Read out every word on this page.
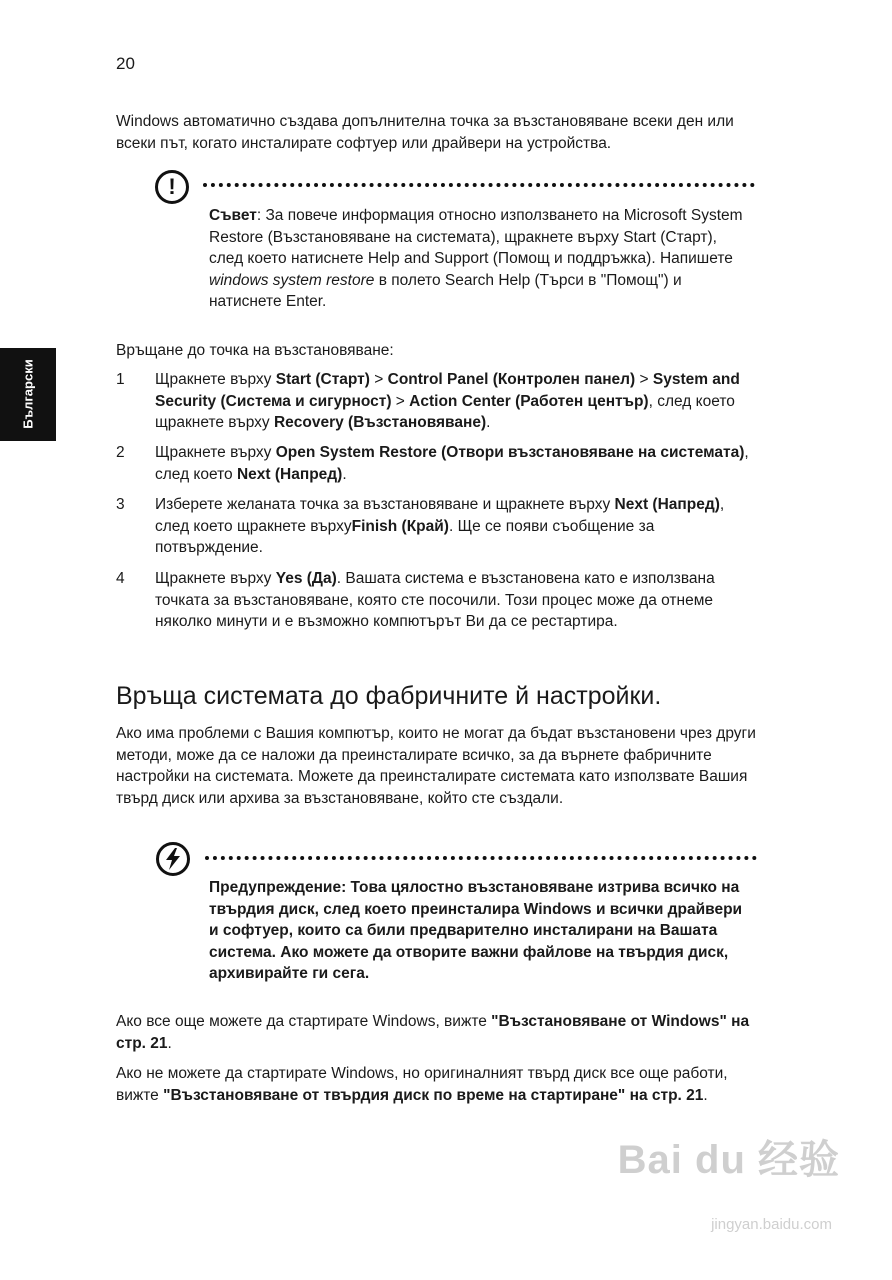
20
Български
Windows автоматично създава допълнителна точка за възстановяване всеки ден или всеки път, когато инсталирате софтуер или драйвери на устройства.
!
Съвет: За повече информация относно използването на Microsoft System Restore (Възстановяване на системата), щракнете върху Start (Старт), след което натиснете Help and Support (Помощ и поддръжка). Напишете windows system restore в полето Search Help (Търси в "Помощ") и натиснете Enter.
Връщане до точка на възстановяване:
1	Щракнете върху Start (Старт) > Control Panel (Контролен панел) > System and Security (Система и сигурност) > Action Center (Работен център), след което щракнете върху Recovery (Възстановяване).
2	Щракнете върху Open System Restore (Отвори възстановяване на системата), след което Next (Напред).
3	Изберете желаната точка за възстановяване и щракнете върху Next (Напред), след което щракнете върхуFinish (Край). Ще се появи съобщение за потвърждение.
4	Щракнете върху Yes (Да). Вашата система е възстановена като е използвана точката за възстановяване, която сте посочили. Този процес може да отнеме няколко минути и е възможно компютърът Ви да се рестартира.
Връща системата до фабричните й настройки.
Ако има проблеми с Вашия компютър, които не могат да бъдат възстановени чрез други методи, може да се наложи да преинсталирате всичко, за да върнете фабричните настройки на системата. Можете да преинсталирате системата като използвате Вашия твърд диск или архива за възстановяване, който сте създали.
Предупреждение: Това цялостно възстановяване изтрива всичко на твърдия диск, след което преинсталира Windows и всички драйвери и софтуер, които са били предварително инсталирани на Вашата система. Ако можете да отворите важни файлове на твърдия диск, архивирайте ги сега.
Ако все още можете да стартирате Windows, вижте "Възстановяване от Windows" на стр. 21.
Ако не можете да стартирате Windows, но оригиналният твърд диск все още работи, вижте "Възстановяване от твърдия диск по време на стартиране" на стр. 21.
Bai du 经验
jingyan.baidu.com
